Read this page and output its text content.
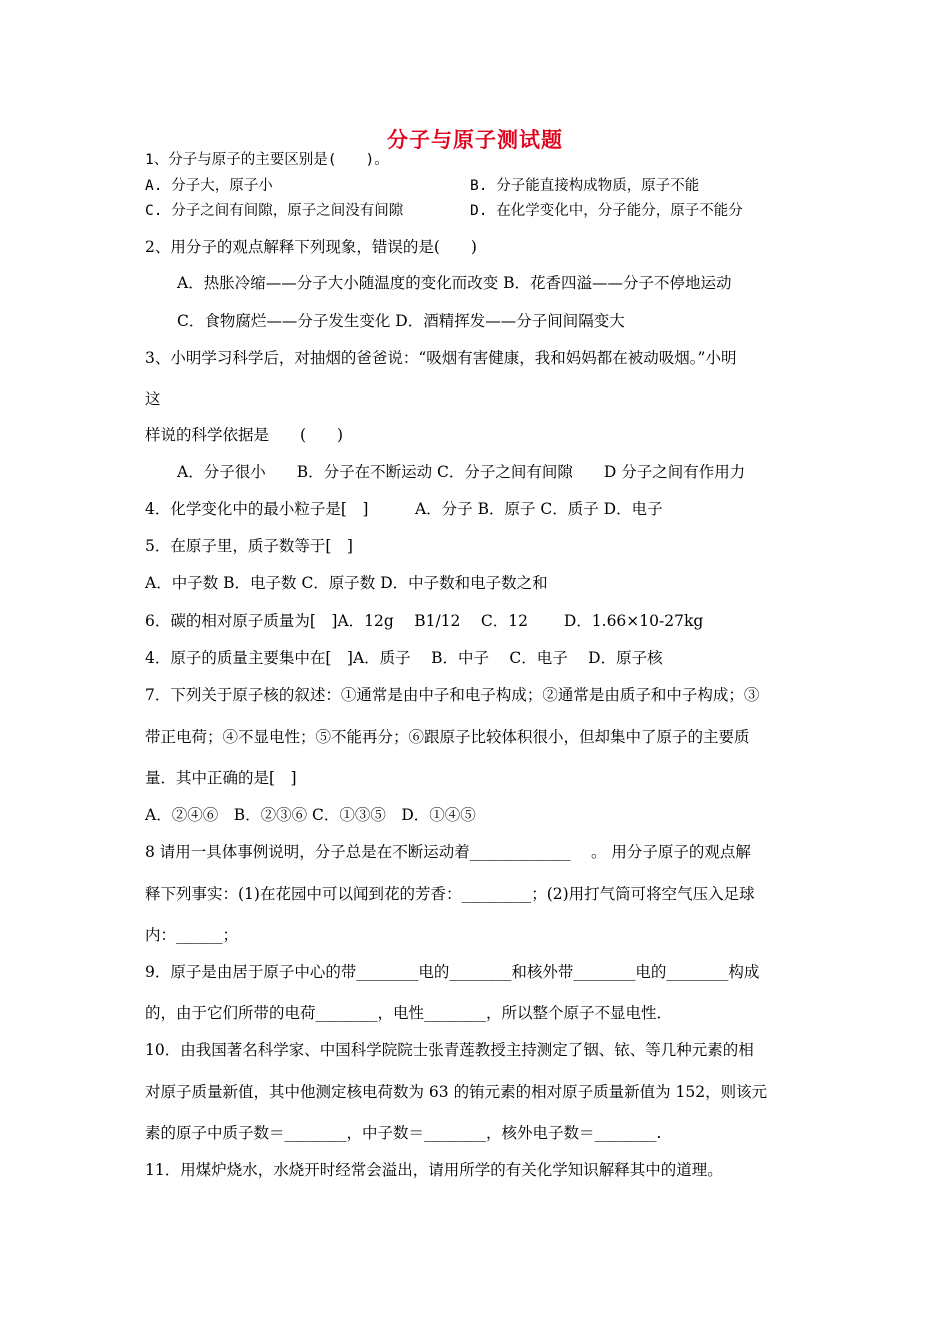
分子与原子测试题
1、分子与原子的主要区别是(　　)。
A. 分子大，原子小	B. 分子能直接构成物质，原子不能
C. 分子之间有间隙，原子之间没有间隙	D. 在化学变化中，分子能分，原子不能分
2、用分子的观点解释下列现象，错误的是(　　)
A．热胀冷缩——分子大小随温度的变化而改变 B．花香四溢——分子不停地运动
C．食物腐烂——分子发生变化 D．酒精挥发——分子间间隔变大
3、小明学习科学后，对抽烟的爸爸说：“吸烟有害健康，我和妈妈都在被动吸烟。”小明
这
样说的科学依据是　　(　　)
A．分子很小　　B．分子在不断运动 C．分子之间有间隙　　D 分子之间有作用力
4．化学变化中的最小粒子是[　]　　　A．分子 B．原子 C．质子 D．电子
5．在原子里，质子数等于[　]
A．中子数 B．电子数 C．原子数 D．中子数和电子数之和
6．碳的相对原子质量为[　]A．12g　 B1/12　 C．12　　 D．1.66×10-27kg
4．原子的质量主要集中在[　]A．质子　 B．中子　 C．电子　 D．原子核
7．下列关于原子核的叙述：①通常是由中子和电子构成；②通常是由质子和中子构成；③
带正电荷；④不显电性；⑤不能再分；⑥跟原子比较体积很小，但却集中了原子的主要质
量．其中正确的是[　]
A．②④⑥　B．②③⑥ C．①③⑤　D．①④⑤
8 请用一具体事例说明，分子总是在不断运动着_____________　 。 用分子原子的观点解
释下列事实：(1)在花园中可以闻到花的芳香：_________；(2)用打气筒可将空气压入足球
内：______；
9．原子是由居于原子中心的带________电的________和核外带________电的________构成
的，由于它们所带的电荷________，电性________，所以整个原子不显电性．
10．由我国著名科学家、中国科学院院士张青莲教授主持测定了铟、铱、等几种元素的相
对原子质量新值，其中他测定核电荷数为 63 的铕元素的相对原子质量新值为 152，则该元
素的原子中质子数＝________，中子数＝________，核外电子数＝________.
11．用煤炉烧水，水烧开时经常会溢出，请用所学的有关化学知识解释其中的道理。
